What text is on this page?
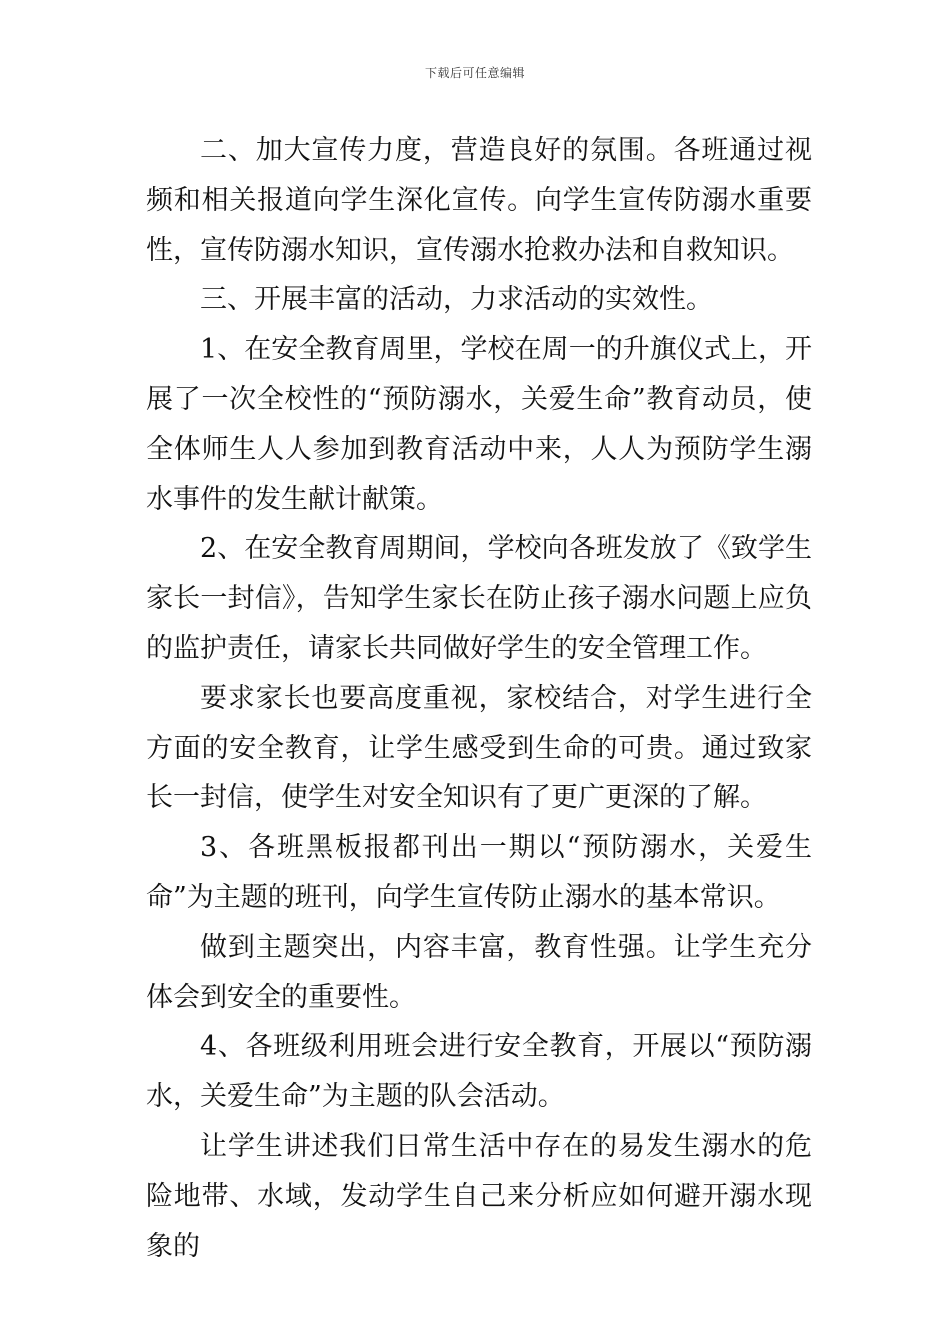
下载后可任意编辑

二、加大宣传力度，营造良好的氛围。各班通过视频和相关报道向学生深化宣传。向学生宣传防溺水重要性，宣传防溺水知识，宣传溺水抢救办法和自救知识。

三、开展丰富的活动，力求活动的实效性。

1、在安全教育周里，学校在周一的升旗仪式上，开展了一次全校性的“预防溺水，关爱生命”教育动员，使全体师生人人参加到教育活动中来，人人为预防学生溺水事件的发生献计献策。

2、在安全教育周期间，学校向各班发放了《致学生家长一封信》，告知学生家长在防止孩子溺水问题上应负的监护责任，请家长共同做好学生的安全管理工作。

要求家长也要高度重视，家校结合，对学生进行全方面的安全教育，让学生感受到生命的可贵。通过致家长一封信，使学生对安全知识有了更广更深的了解。

3、各班黑板报都刊出一期以“预防溺水，关爱生命”为主题的班刊，向学生宣传防止溺水的基本常识。

做到主题突出，内容丰富，教育性强。让学生充分体会到安全的重要性。

4、各班级利用班会进行安全教育，开展以“预防溺水，关爱生命”为主题的队会活动。

让学生讲述我们日常生活中存在的易发生溺水的危险地带、水域，发动学生自己来分析应如何避开溺水现象的
